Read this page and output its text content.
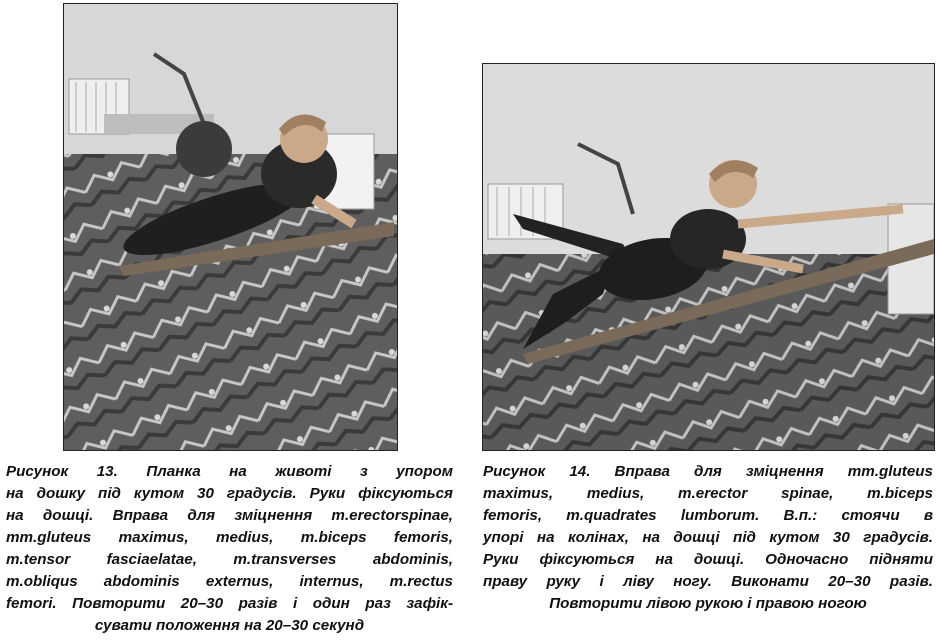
Рисунок 13. Планка на животі з упором
на дошку під кутом 30 градусів. Руки фіксуються
на дошці. Вправа для зміцнення m.erectorspinae,
mm.gluteus maximus, medius, m.biceps femoris,
m.tensor fasciaelatae, m.transverses abdominis,
m.obliqus abdominis externus, internus, m.rectus
femori. Повторити 20–30 разів і один раз зафік-
сувати положення на 20–30 секунд
Рисунок 14. Вправа для зміцнення mm.gluteus
maximus, medius, m.erector spinae, m.biceps
femoris, m.quadrates lumborum. В.п.: стоячи в
упорі на колінах, на дошці під кутом 30 градусів.
Руки фіксуються на дошці. Одночасно підняти
праву руку і ліву ногу. Виконати 20–30 разів.
Повторити лівою рукою і правою ногою
